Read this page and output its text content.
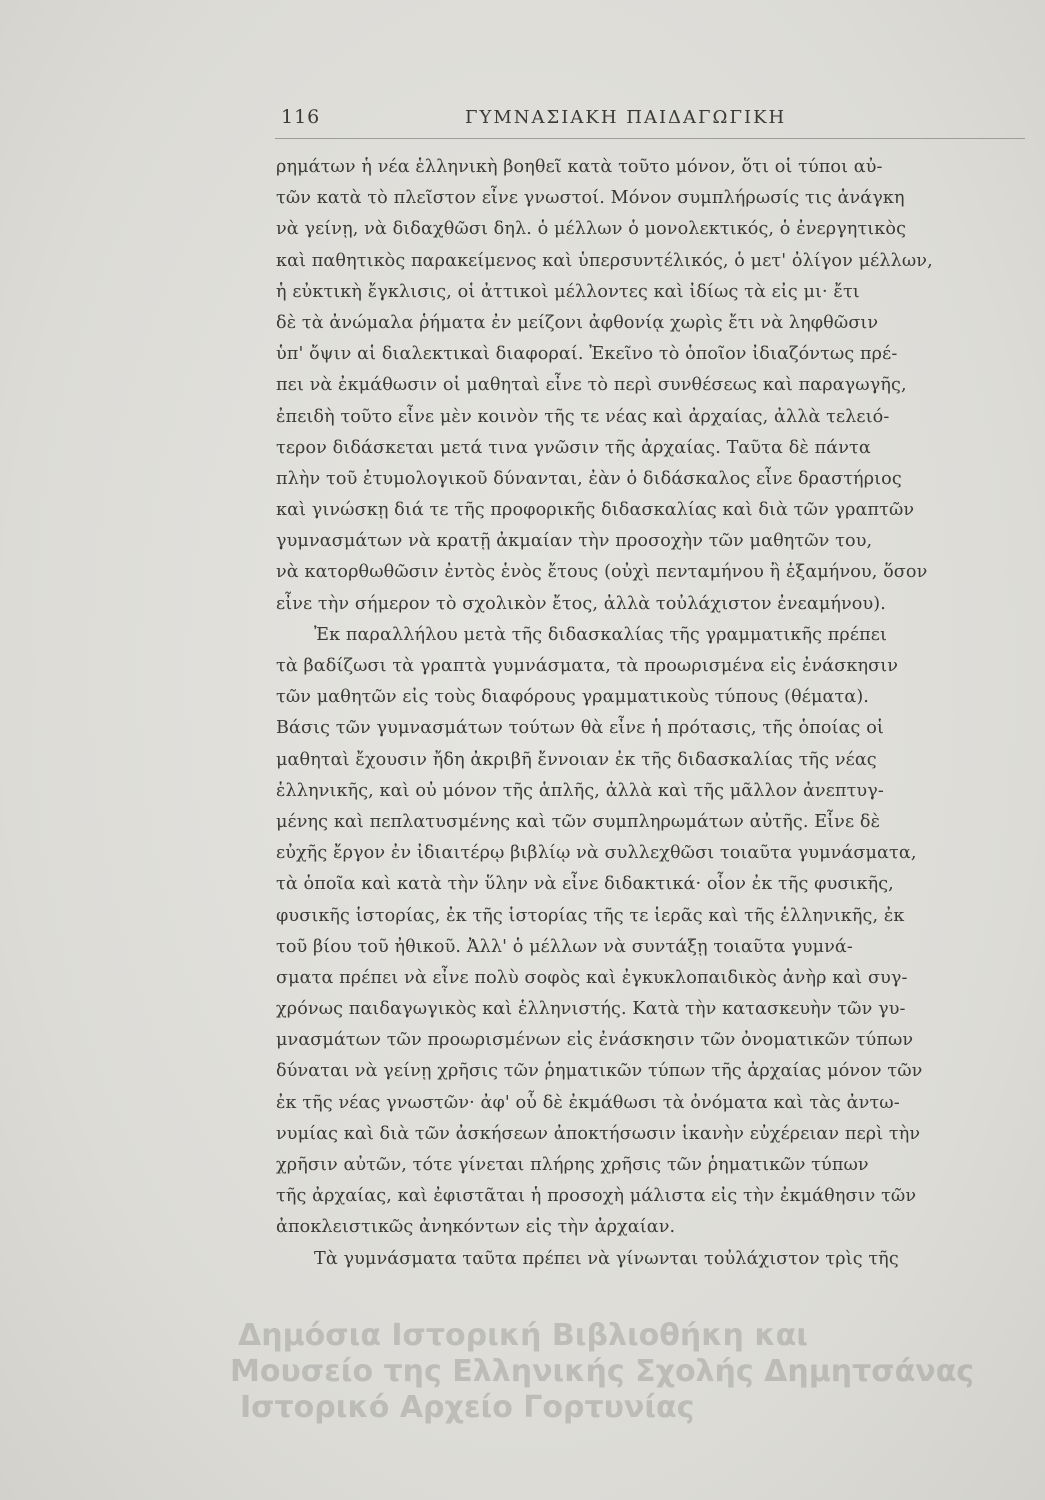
116	ΓΥΜΝΑΣΙΑΚΗ ΠΑΙΔΑΓΩΓΙΚΗ
ρημάτων ἡ νέα ἑλληνικὴ βοηθεῖ κατὰ τοῦτο μόνον, ὅτι οἱ τύποι αὐ-
τῶν κατὰ τὸ πλεῖστον εἶνε γνωστοί. Μόνον συμπλήρωσίς τις ἀνάγκη
νὰ γείνῃ, νὰ διδαχθῶσι δηλ. ὁ μέλλων ὁ μονολεκτικός, ὁ ἐνεργητικὸς
καὶ παθητικὸς παρακείμενος καὶ ὑπερσυντέλικός, ὁ μετ' ὀλίγον μέλλων,
ἡ εὐκτικὴ ἔγκλισις, οἱ ἀττικοὶ μέλλοντες καὶ ἰδίως τὰ εἰς μι· ἔτι
δὲ τὰ ἀνώμαλα ῥήματα ἐν μείζονι ἀφθονίᾳ χωρὶς ἔτι νὰ ληφθῶσιν
ὑπ' ὄψιν αἱ διαλεκτικαὶ διαφοραί. Ἐκεῖνο τὸ ὁποῖον ἰδιαζόντως πρέ-
πει νὰ ἐκμάθωσιν οἱ μαθηταὶ εἶνε τὸ περὶ συνθέσεως καὶ παραγωγῆς,
ἐπειδὴ τοῦτο εἶνε μὲν κοινὸν τῆς τε νέας καὶ ἀρχαίας, ἀλλὰ τελειό-
τερον διδάσκεται μετά τινα γνῶσιν τῆς ἀρχαίας. Ταῦτα δὲ πάντα
πλὴν τοῦ ἐτυμολογικοῦ δύνανται, ἐὰν ὁ διδάσκαλος εἶνε δραστήριος
καὶ γινώσκῃ διά τε τῆς προφορικῆς διδασκαλίας καὶ διὰ τῶν γραπτῶν
γυμνασμάτων νὰ κρατῇ ἀκμαίαν τὴν προσοχὴν τῶν μαθητῶν του,
νὰ κατορθωθῶσιν ἐντὸς ἑνὸς ἔτους (οὐχὶ πενταμήνου ἢ ἑξαμήνου, ὅσον
εἶνε τὴν σήμερον τὸ σχολικὸν ἔτος, ἀλλὰ τοὐλάχιστον ἐνεαμήνου).
Ἐκ παραλλήλου μετὰ τῆς διδασκαλίας τῆς γραμματικῆς πρέπει
τὰ βαδίζωσι τὰ γραπτὰ γυμνάσματα, τὰ προωρισμένα εἰς ἐνάσκησιν
τῶν μαθητῶν εἰς τοὺς διαφόρους γραμματικοὺς τύπους (θέματα).
Βάσις τῶν γυμνασμάτων τούτων θὰ εἶνε ἡ πρότασις, τῆς ὁποίας οἱ
μαθηταὶ ἔχουσιν ἤδη ἀκριβῆ ἔννοιαν ἐκ τῆς διδασκαλίας τῆς νέας
ἑλληνικῆς, καὶ οὐ μόνον τῆς ἁπλῆς, ἀλλὰ καὶ τῆς μᾶλλον ἀνεπτυγ-
μένης καὶ πεπλατυσμένης καὶ τῶν συμπληρωμάτων αὐτῆς. Εἶνε δὲ
εὐχῆς ἔργον ἐν ἰδιαιτέρῳ βιβλίῳ νὰ συλλεχθῶσι τοιαῦτα γυμνάσματα,
τὰ ὁποῖα καὶ κατὰ τὴν ὕλην νὰ εἶνε διδακτικά· οἷον ἐκ τῆς φυσικῆς,
φυσικῆς ἱστορίας, ἐκ τῆς ἱστορίας τῆς τε ἱερᾶς καὶ τῆς ἑλληνικῆς, ἐκ
τοῦ βίου τοῦ ἠθικοῦ. Ἀλλ' ὁ μέλλων νὰ συντάξῃ τοιαῦτα γυμνά-
σματα πρέπει νὰ εἶνε πολὺ σοφὸς καὶ ἐγκυκλοπαιδικὸς ἀνὴρ καὶ συγ-
χρόνως παιδαγωγικὸς καὶ ἑλληνιστής. Κατὰ τὴν κατασκευὴν τῶν γυ-
μνασμάτων τῶν προωρισμένων εἰς ἐνάσκησιν τῶν ὀνοματικῶν τύπων
δύναται νὰ γείνῃ χρῆσις τῶν ῥηματικῶν τύπων τῆς ἀρχαίας μόνον τῶν
ἐκ τῆς νέας γνωστῶν· ἀφ' οὗ δὲ ἐκμάθωσι τὰ ὀνόματα καὶ τὰς ἀντω-
νυμίας καὶ διὰ τῶν ἀσκήσεων ἀποκτήσωσιν ἱκανὴν εὐχέρειαν περὶ τὴν
χρῆσιν αὐτῶν, τότε γίνεται πλήρης χρῆσις τῶν ῥηματικῶν τύπων
τῆς ἀρχαίας, καὶ ἐφιστᾶται ἡ προσοχὴ μάλιστα εἰς τὴν ἐκμάθησιν τῶν
ἀποκλειστικῶς ἀνηκόντων εἰς τὴν ἀρχαίαν.
Τὰ γυμνάσματα ταῦτα πρέπει νὰ γίνωνται τοὐλάχιστον τρὶς τῆς
Δημόσια Ιστορική Βιβλιοθήκη και
Μουσείο της Ελληνικής Σχολής Δημητσάνας
Ιστορικό Αρχείο Γορτυνίας
